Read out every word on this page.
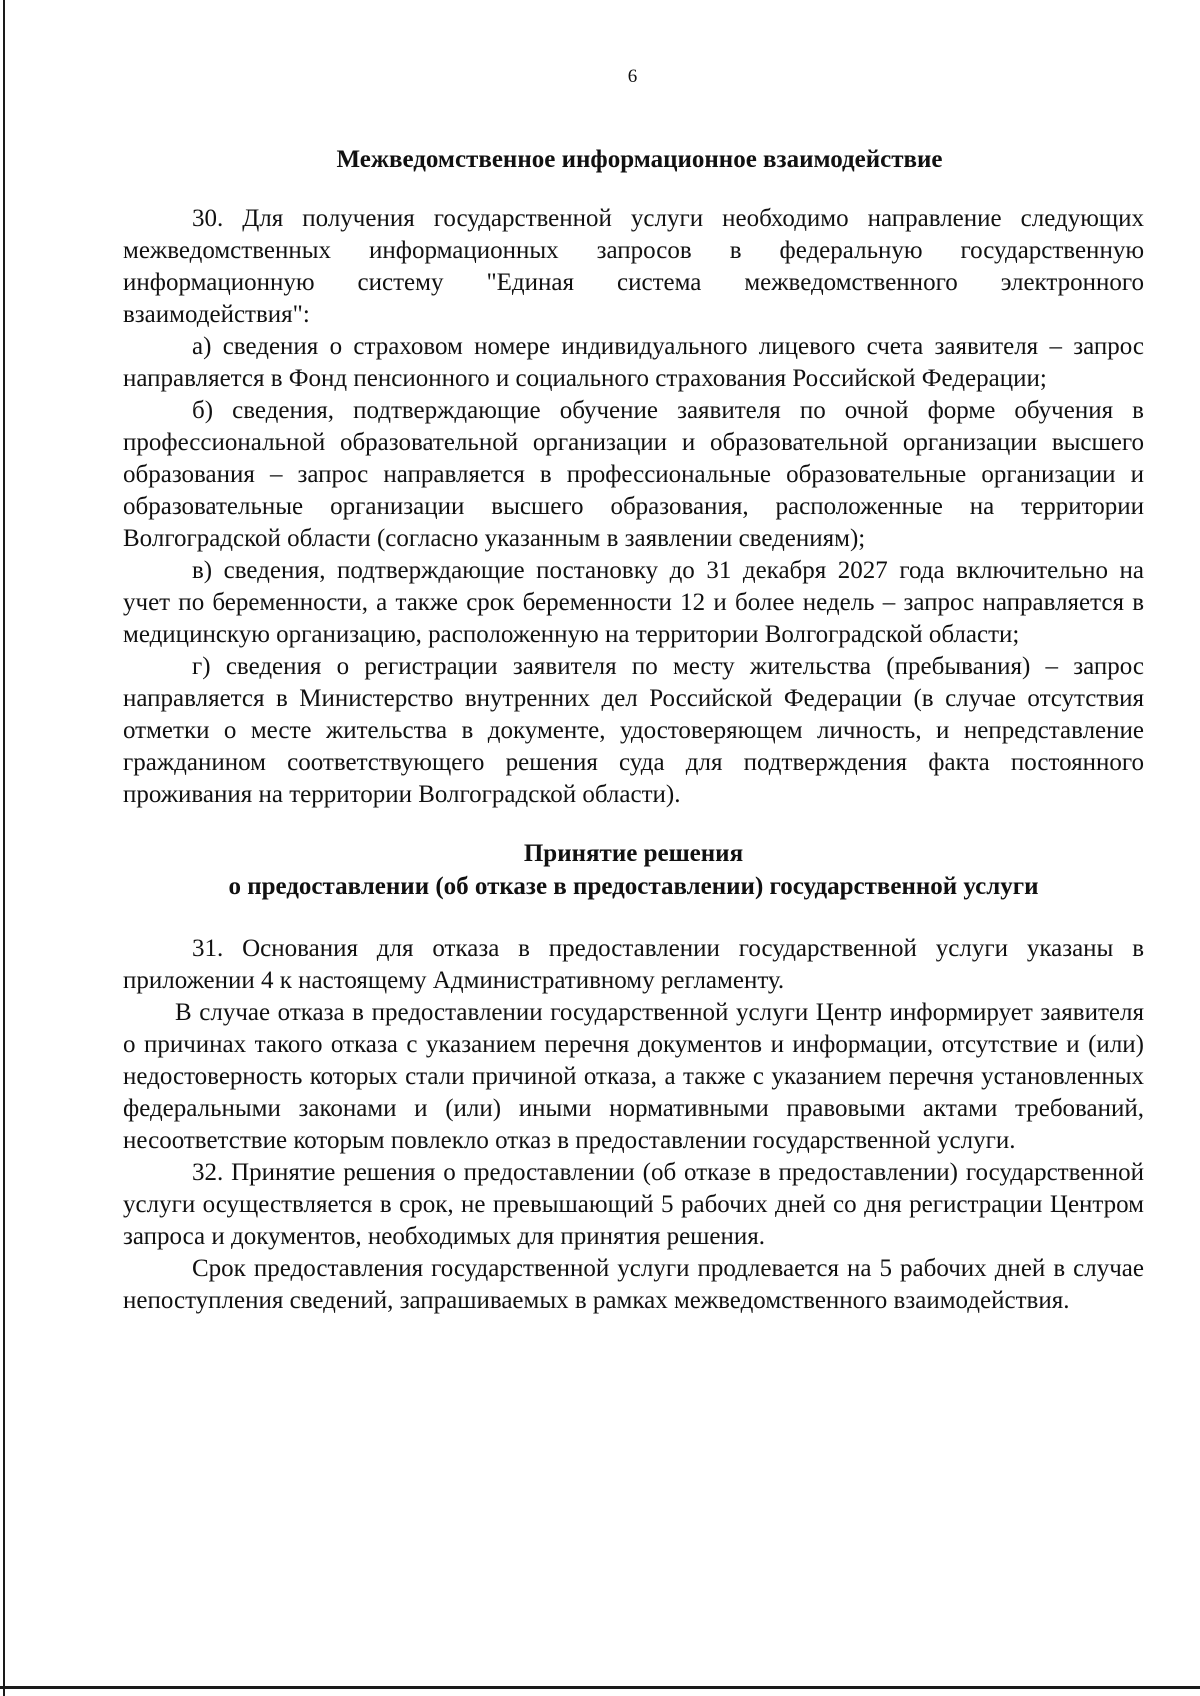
6

Межведомственное информационное взаимодействие

30. Для получения государственной услуги необходимо направление следующих межведомственных информационных запросов в федеральную государственную информационную систему "Единая система межведомственного электронного взаимодействия":

а) сведения о страховом номере индивидуального лицевого счета заявителя – запрос направляется в Фонд пенсионного и социального страхования Российской Федерации;

б) сведения, подтверждающие обучение заявителя по очной форме обучения в профессиональной образовательной организации и образовательной организации высшего образования – запрос направляется в профессиональные образовательные организации и образовательные организации высшего образования, расположенные на территории Волгоградской области (согласно указанным в заявлении сведениям);

в) сведения, подтверждающие постановку до 31 декабря 2027 года включительно на учет по беременности, а также срок беременности 12 и более недель – запрос направляется в медицинскую организацию, расположенную на территории Волгоградской области;

г) сведения о регистрации заявителя по месту жительства (пребывания) – запрос направляется в Министерство внутренних дел Российской Федерации (в случае отсутствия отметки о месте жительства в документе, удостоверяющем личность, и непредставление гражданином соответствующего решения суда для подтверждения факта постоянного проживания на территории Волгоградской области).

Принятие решения

о предоставлении (об отказе в предоставлении) государственной услуги

31. Основания для отказа в предоставлении государственной услуги указаны в приложении 4 к настоящему Административному регламенту.

В случае отказа в предоставлении государственной услуги Центр информирует заявителя о причинах такого отказа с указанием перечня документов и информации, отсутствие и (или) недостоверность которых стали причиной отказа, а также с указанием перечня установленных федеральными законами и (или) иными нормативными правовыми актами требований, несоответствие которым повлекло отказ в предоставлении государственной услуги.

32. Принятие решения о предоставлении (об отказе в предоставлении) государственной услуги осуществляется в срок, не превышающий 5 рабочих дней со дня регистрации Центром запроса и документов, необходимых для принятия решения.

Срок предоставления государственной услуги продлевается на 5 рабочих дней в случае непоступления сведений, запрашиваемых в рамках межведомственного взаимодействия.
